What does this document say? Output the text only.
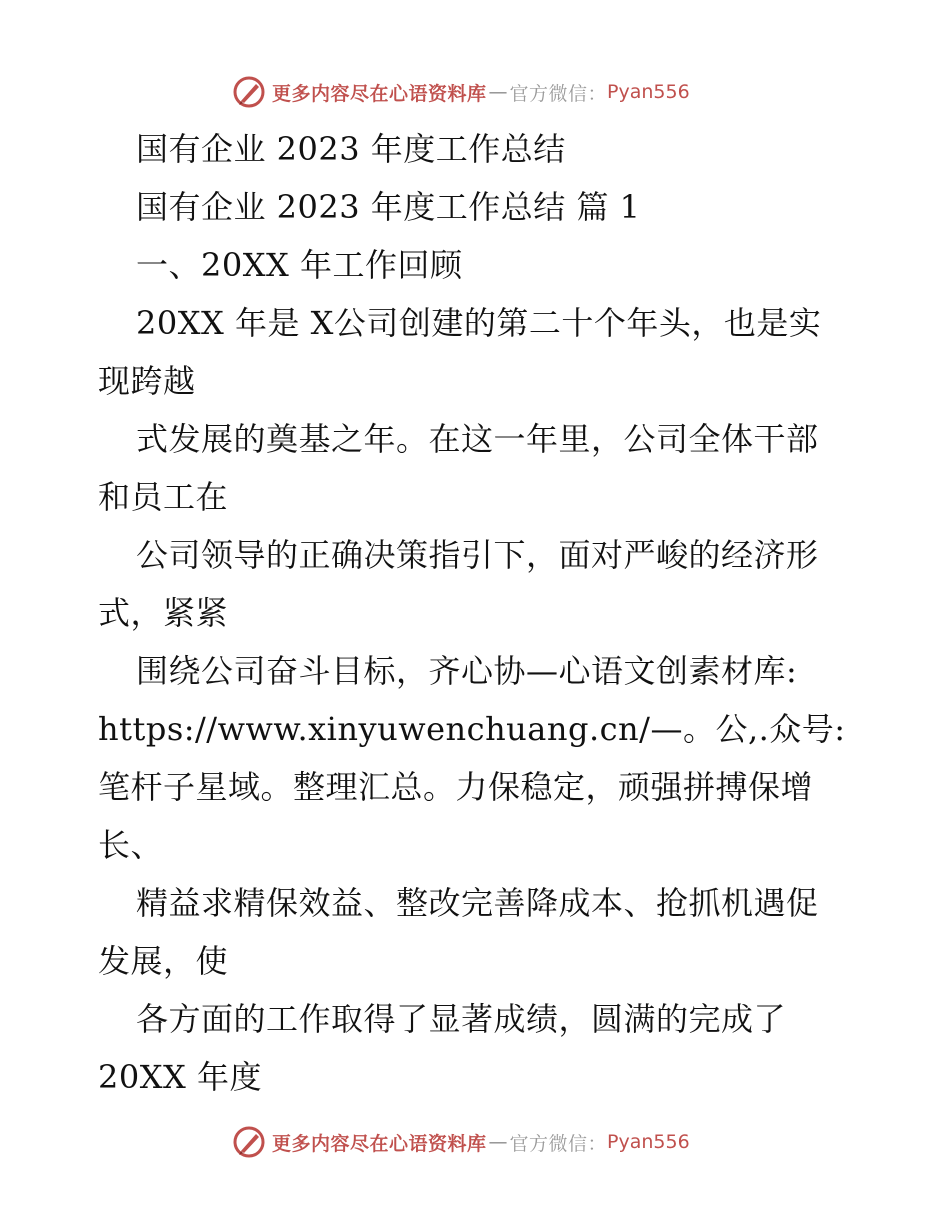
更多内容尽在心语资料库 — 官方微信： Pyan556
国有企业 2023 年度工作总结
国有企业 2023 年度工作总结 篇 1
一、20XX 年工作回顾
20XX 年是 X公司创建的第二十个年头，也是实
现跨越
式发展的奠基之年。在这一年里，公司全体干部
和员工在
公司领导的正确决策指引下，面对严峻的经济形
式，紧紧
围绕公司奋斗目标，齐心协—心语文创素材库:
https://www.xinyuwenchuang.cn/—。公,.众号:
笔杆子星域。整理汇总。力保稳定，顽强拼搏保增
长、
精益求精保效益、整改完善降成本、抢抓机遇促
发展，使
各方面的工作取得了显著成绩，圆满的完成了
20XX 年度
更多内容尽在心语资料库 — 官方微信： Pyan556
